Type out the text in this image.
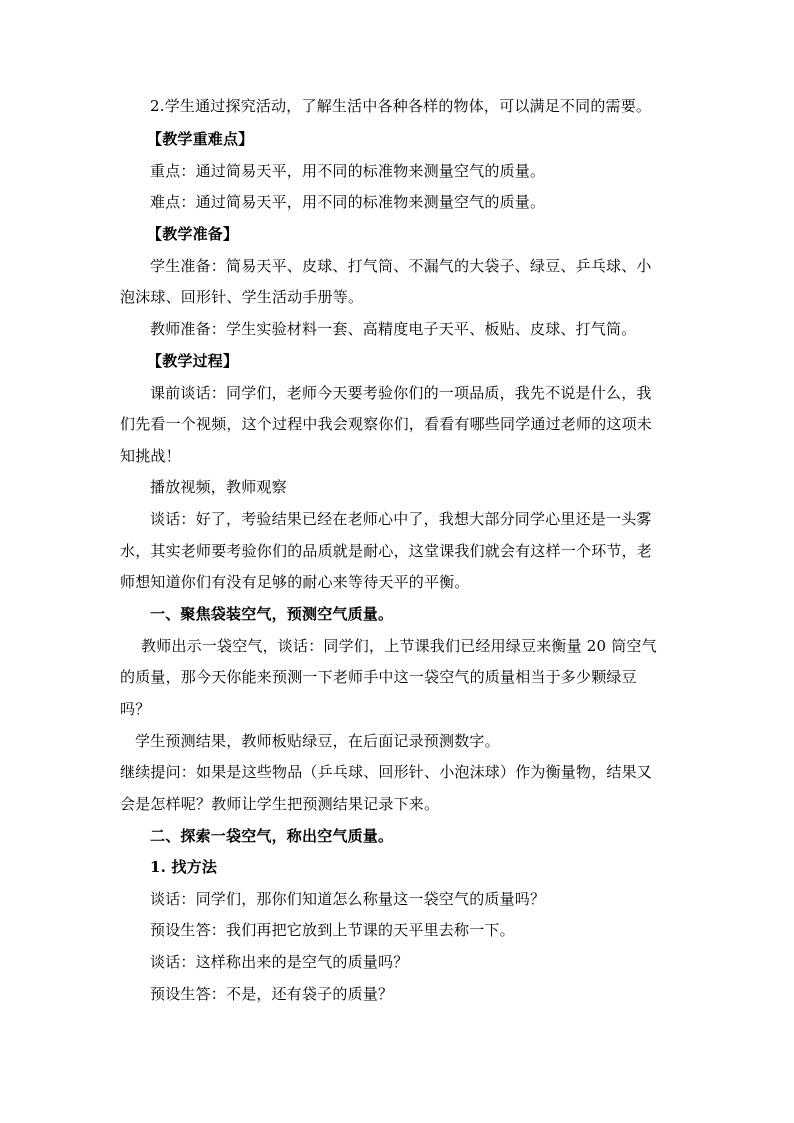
2.学生通过探究活动，了解生活中各种各样的物体，可以满足不同的需要。
【教学重难点】
重点：通过简易天平，用不同的标准物来测量空气的质量。
难点：通过简易天平，用不同的标准物来测量空气的质量。
【教学准备】
学生准备：简易天平、皮球、打气筒、不漏气的大袋子、绿豆、乒乓球、小
泡沫球、回形针、学生活动手册等。
教师准备：学生实验材料一套、高精度电子天平、板贴、皮球、打气筒。
【教学过程】
课前谈话：同学们，老师今天要考验你们的一项品质，我先不说是什么，我
们先看一个视频，这个过程中我会观察你们，看看有哪些同学通过老师的这项未
知挑战！
播放视频，教师观察
谈话：好了，考验结果已经在老师心中了，我想大部分同学心里还是一头雾
水，其实老师要考验你们的品质就是耐心，这堂课我们就会有这样一个环节，老
师想知道你们有没有足够的耐心来等待天平的平衡。
一、聚焦袋装空气，预测空气质量。
教师出示一袋空气，谈话：同学们，上节课我们已经用绿豆来衡量 20 筒空气
的质量，那今天你能来预测一下老师手中这一袋空气的质量相当于多少颗绿豆
吗？
学生预测结果，教师板贴绿豆，在后面记录预测数字。
继续提问：如果是这些物品（乒乓球、回形针、小泡沫球）作为衡量物，结果又
会是怎样呢？教师让学生把预测结果记录下来。
二、探索一袋空气，称出空气质量。
1. 找方法
谈话：同学们，那你们知道怎么称量这一袋空气的质量吗？
预设生答：我们再把它放到上节课的天平里去称一下。
谈话：这样称出来的是空气的质量吗？
预设生答：不是，还有袋子的质量？
